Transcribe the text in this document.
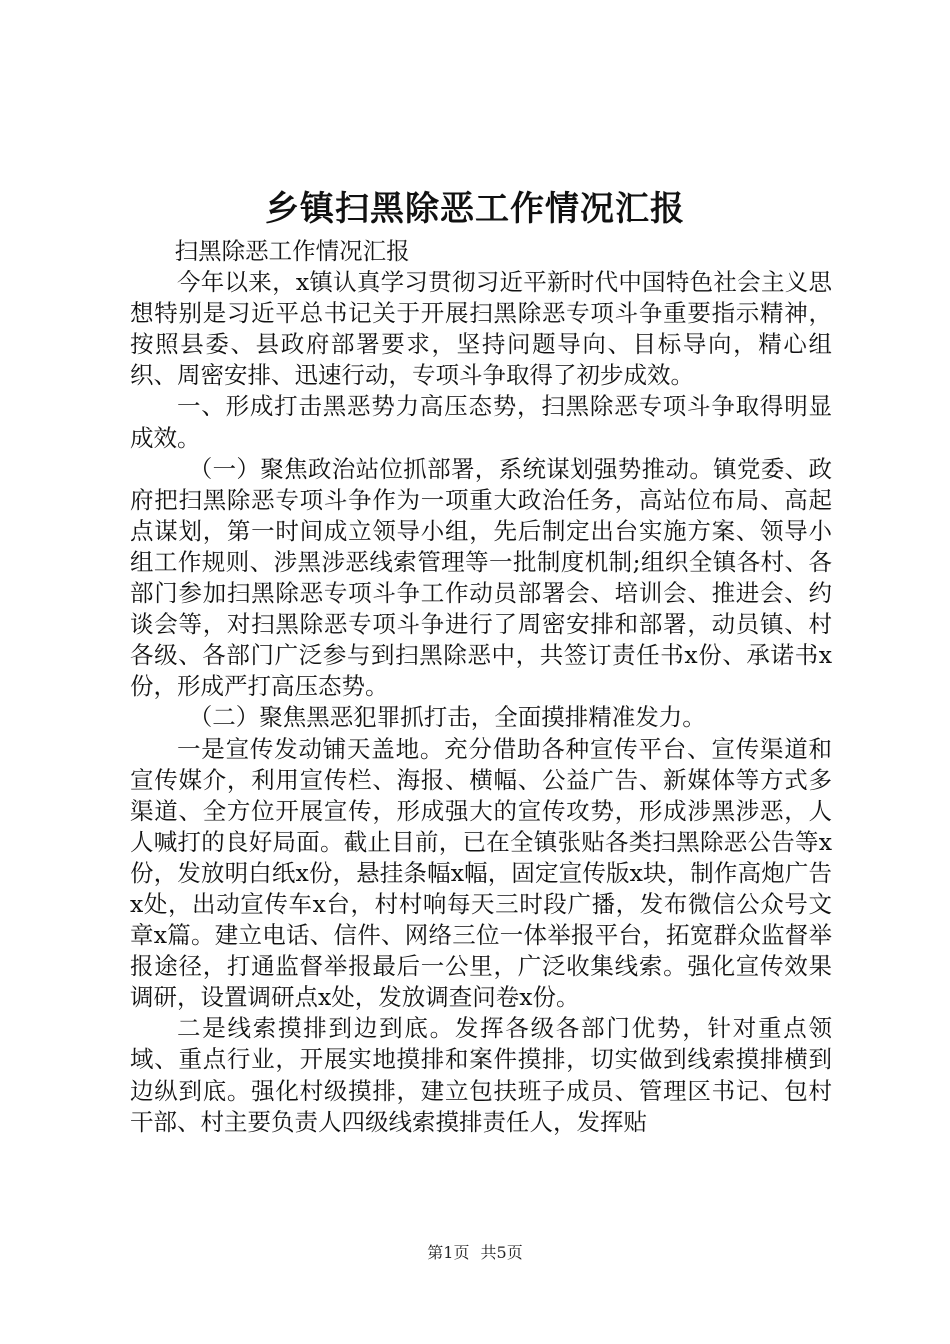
乡镇扫黑除恶工作情况汇报

扫黑除恶工作情况汇报

今年以来，x镇认真学习贯彻习近平新时代中国特色社会主义思想特别是习近平总书记关于开展扫黑除恶专项斗争重要指示精神，按照县委、县政府部署要求，坚持问题导向、目标导向，精心组织、周密安排、迅速行动，专项斗争取得了初步成效。

一、形成打击黑恶势力高压态势，扫黑除恶专项斗争取得明显成效。

（一）聚焦政治站位抓部署，系统谋划强势推动。镇党委、政府把扫黑除恶专项斗争作为一项重大政治任务，高站位布局、高起点谋划，第一时间成立领导小组，先后制定出台实施方案、领导小组工作规则、涉黑涉恶线索管理等一批制度机制;组织全镇各村、各部门参加扫黑除恶专项斗争工作动员部署会、培训会、推进会、约谈会等，对扫黑除恶专项斗争进行了周密安排和部署，动员镇、村各级、各部门广泛参与到扫黑除恶中，共签订责任书x份、承诺书x份，形成严打高压态势。

（二）聚焦黑恶犯罪抓打击，全面摸排精准发力。

一是宣传发动铺天盖地。充分借助各种宣传平台、宣传渠道和宣传媒介，利用宣传栏、海报、横幅、公益广告、新媒体等方式多渠道、全方位开展宣传，形成强大的宣传攻势，形成涉黑涉恶，人人喊打的良好局面。截止目前，已在全镇张贴各类扫黑除恶公告等x份，发放明白纸x份，悬挂条幅x幅，固定宣传版x块，制作高炮广告x处，出动宣传车x台，村村响每天三时段广播，发布微信公众号文章x篇。建立电话、信件、网络三位一体举报平台，拓宽群众监督举报途径，打通监督举报最后一公里，广泛收集线索。强化宣传效果调研，设置调研点x处，发放调查问卷x份。

二是线索摸排到边到底。发挥各级各部门优势，针对重点领域、重点行业，开展实地摸排和案件摸排，切实做到线索摸排横到边纵到底。强化村级摸排，建立包扶班子成员、管理区书记、包村干部、村主要负责人四级线索摸排责任人，发挥贴

第1页 共5页
